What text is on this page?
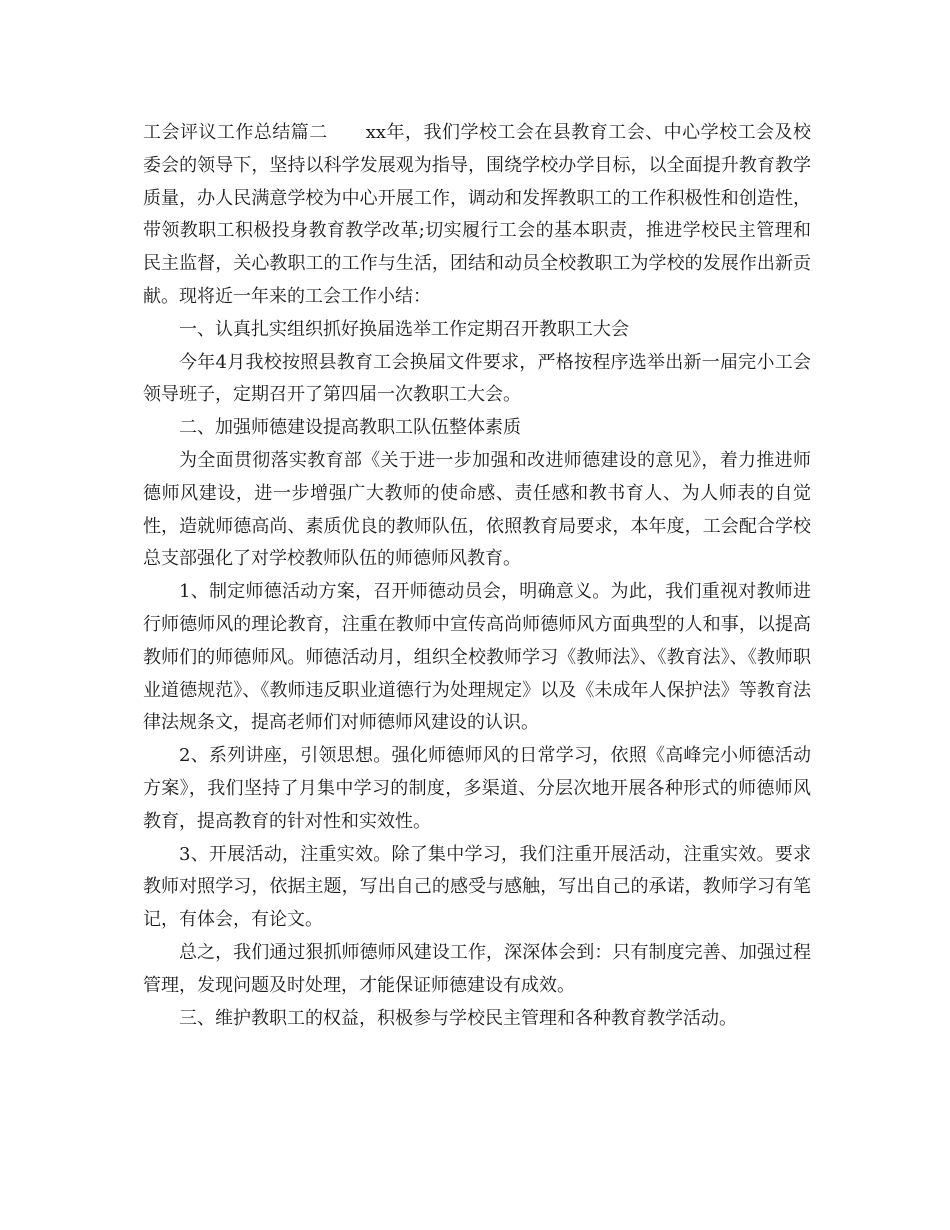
工会评议工作总结篇二 xx年，我们学校工会在县教育工会、中心学校工会及校委会的领导下，坚持以科学发展观为指导，围绕学校办学目标，以全面提升教育教学质量，办人民满意学校为中心开展工作，调动和发挥教职工的工作积极性和创造性，带领教职工积极投身教育教学改革;切实履行工会的基本职责，推进学校民主管理和民主监督，关心教职工的工作与生活，团结和动员全校教职工为学校的发展作出新贡献。现将近一年来的工会工作小结：

一、认真扎实组织抓好换届选举工作定期召开教职工大会

今年4月我校按照县教育工会换届文件要求，严格按程序选举出新一届完小工会领导班子，定期召开了第四届一次教职工大会。

二、加强师德建设提高教职工队伍整体素质

为全面贯彻落实教育部《关于进一步加强和改进师德建设的意见》，着力推进师德师风建设，进一步增强广大教师的使命感、责任感和教书育人、为人师表的自觉性，造就师德高尚、素质优良的教师队伍，依照教育局要求，本年度，工会配合学校总支部强化了对学校教师队伍的师德师风教育。

1、制定师德活动方案，召开师德动员会，明确意义。为此，我们重视对教师进行师德师风的理论教育，注重在教师中宣传高尚师德师风方面典型的人和事，以提高教师们的师德师风。师德活动月，组织全校教师学习《教师法》、《教育法》、《教师职业道德规范》、《教师违反职业道德行为处理规定》以及《未成年人保护法》等教育法律法规条文，提高老师们对师德师风建设的认识。

2、系列讲座，引领思想。强化师德师风的日常学习，依照《高峰完小师德活动方案》，我们坚持了月集中学习的制度，多渠道、分层次地开展各种形式的师德师风教育，提高教育的针对性和实效性。

3、开展活动，注重实效。除了集中学习，我们注重开展活动，注重实效。要求教师对照学习，依据主题，写出自己的感受与感触，写出自己的承诺，教师学习有笔记，有体会，有论文。

总之，我们通过狠抓师德师风建设工作，深深体会到：只有制度完善、加强过程管理，发现问题及时处理，才能保证师德建设有成效。

三、维护教职工的权益，积极参与学校民主管理和各种教育教学活动。
